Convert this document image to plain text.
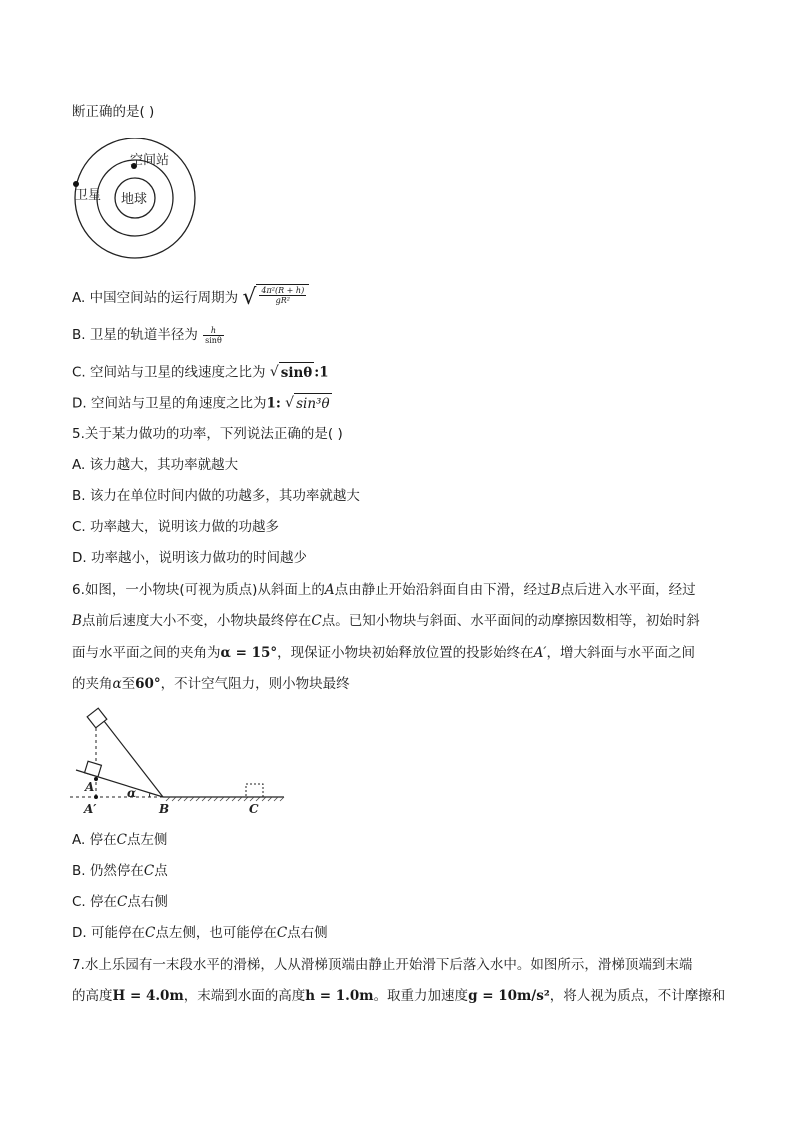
断正确的是( )
空间站
卫星 地球
A. 中国空间站的运行周期为 √ $\frac{\text{4π²(R + h)}}{\text{gR²}}$
B. 卫星的轨道半径为 $\frac{h}{\sin\theta}$
C. 空间站与卫星的线速度之比为 √ sinθ :1
D. 空间站与卫星的角速度之比为1: √ sin³θ
5.关于某力做功的功率，下列说法正确的是( )
A. 该力越大，其功率就越大
B. 该力在单位时间内做的功越多，其功率就越大
C. 功率越大，说明该力做的功越多
D. 功率越小，说明该力做功的时间越少
6.如图，一小物块(可视为质点)从斜面上的A点由静止开始沿斜面自由下滑，经过B点后进入水平面，经过
B点前后速度大小不变，小物块最终停在C点。已知小物块与斜面、水平面间的动摩擦因数相等，初始时斜
面与水平面之间的夹角为α = 15°，现保证小物块初始释放位置的投影始终在A′，增大斜面与水平面之间
的夹角α至60°，不计空气阻力，则小物块最终
A
A′
α
B	C
A. 停在C点左侧
B. 仍然停在C点
C. 停在C点右侧
D. 可能停在C点左侧，也可能停在C点右侧
7.水上乐园有一末段水平的滑梯，人从滑梯顶端由静止开始滑下后落入水中。如图所示，滑梯顶端到末端
的高度H = 4.0m，末端到水面的高度h = 1.0m。取重力加速度g = 10m/s²，将人视为质点，不计摩擦和
